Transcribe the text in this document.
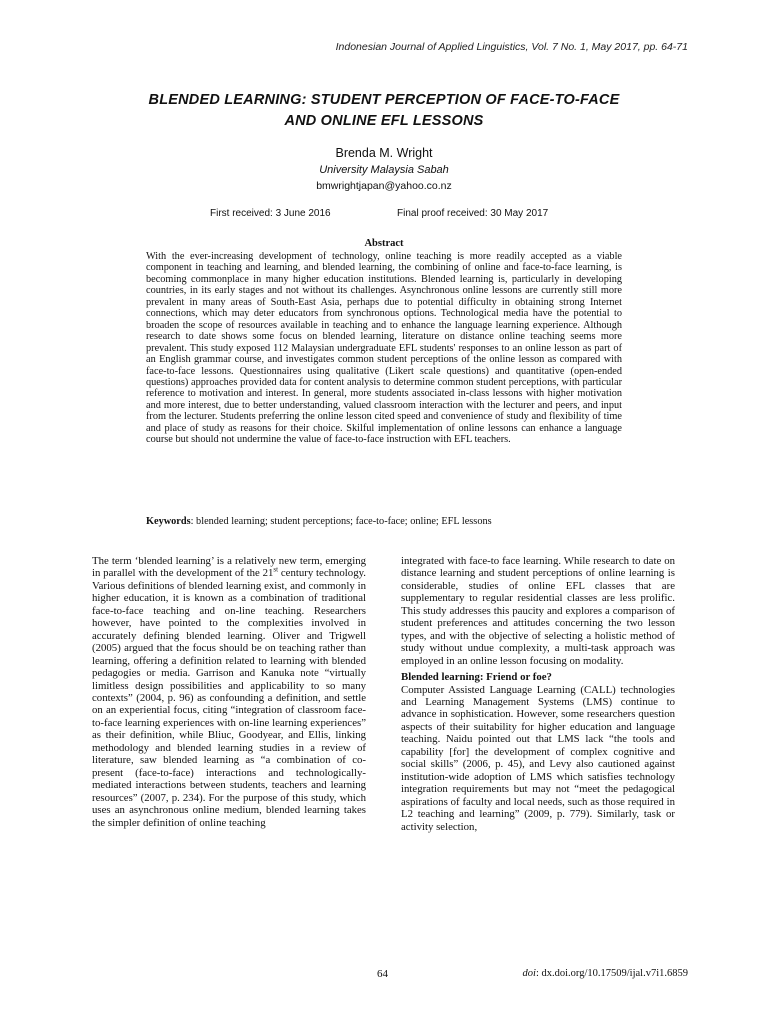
Indonesian Journal of Applied Linguistics, Vol. 7 No. 1, May 2017, pp. 64-71
BLENDED LEARNING: STUDENT PERCEPTION OF FACE-TO-FACE
AND ONLINE EFL LESSONS
Brenda M. Wright
University Malaysia Sabah
bmwrightjapan@yahoo.co.nz
First received: 3 June 2016	Final proof received: 30 May 2017
Abstract

With the ever-increasing development of technology, online teaching is more readily accepted as a viable component in teaching and learning, and blended learning, the combining of online and face-to-face learning, is becoming commonplace in many higher education institutions. Blended learning is, particularly in developing countries, in its early stages and not without its challenges. Asynchronous online lessons are currently still more prevalent in many areas of South-East Asia, perhaps due to potential difficulty in obtaining strong Internet connections, which may deter educators from synchronous options. Technological media have the potential to broaden the scope of resources available in teaching and to enhance the language learning experience. Although research to date shows some focus on blended learning, literature on distance online teaching seems more prevalent. This study exposed 112 Malaysian undergraduate EFL students' responses to an online lesson as part of an English grammar course, and investigates common student perceptions of the online lesson as compared with face-to-face lessons. Questionnaires using qualitative (Likert scale questions) and quantitative (open-ended questions) approaches provided data for content analysis to determine common student perceptions, with particular reference to motivation and interest. In general, more students associated in-class lessons with higher motivation and more interest, due to better understanding, valued classroom interaction with the lecturer and peers, and input from the lecturer. Students preferring the online lesson cited speed and convenience of study and flexibility of time and place of study as reasons for their choice. Skilful implementation of online lessons can enhance a language course but should not undermine the value of face-to-face instruction with EFL teachers.

Keywords: blended learning; student perceptions; face-to-face; online; EFL lessons

The term ‘blended learning’ is a relatively new term, emerging in parallel with the development of the 21st century technology. Various definitions of blended learning exist, and commonly in higher education, it is known as a combination of traditional face-to-face teaching and on-line teaching. Researchers however, have pointed to the complexities involved in accurately defining blended learning. Oliver and Trigwell (2005) argued that the focus should be on teaching rather than learning, offering a definition related to learning with blended pedagogies or media. Garrison and Kanuka note “virtually limitless design possibilities and applicability to so many contexts” (2004, p. 96) as confounding a definition, and settle on an experiential focus, citing “integration of classroom face-to-face learning experiences with on-line learning experiences” as their definition, while Bliuc, Goodyear, and Ellis, linking methodology and blended learning studies in a review of literature, saw blended learning as “a combination of co-present (face-to-face) interactions and technologically-mediated interactions between students, teachers and learning resources” (2007, p. 234). For the purpose of this study, which uses an asynchronous online medium, blended learning takes the simpler definition of online teaching

integrated with face-to face learning. While research to date on distance learning and student perceptions of online learning is considerable, studies of online EFL classes that are supplementary to regular residential classes are less prolific. This study addresses this paucity and explores a comparison of student preferences and attitudes concerning the two lesson types, and with the objective of selecting a holistic method of study without undue complexity, a multi-task approach was employed in an online lesson focusing on modality.

Blended learning: Friend or foe?

Computer Assisted Language Learning (CALL) technologies and Learning Management Systems (LMS) continue to advance in sophistication. However, some researchers question aspects of their suitability for higher education and language teaching. Naidu pointed out that LMS lack “the tools and capability [for] the development of complex cognitive and social skills” (2006, p. 45), and Levy also cautioned against institution-wide adoption of LMS which satisfies technology integration requirements but may not “meet the pedagogical aspirations of faculty and local needs, such as those required in L2 teaching and learning” (2009, p. 779). Similarly, task or activity selection,

64	doi: dx.doi.org/10.17509/ijal.v7i1.6859
